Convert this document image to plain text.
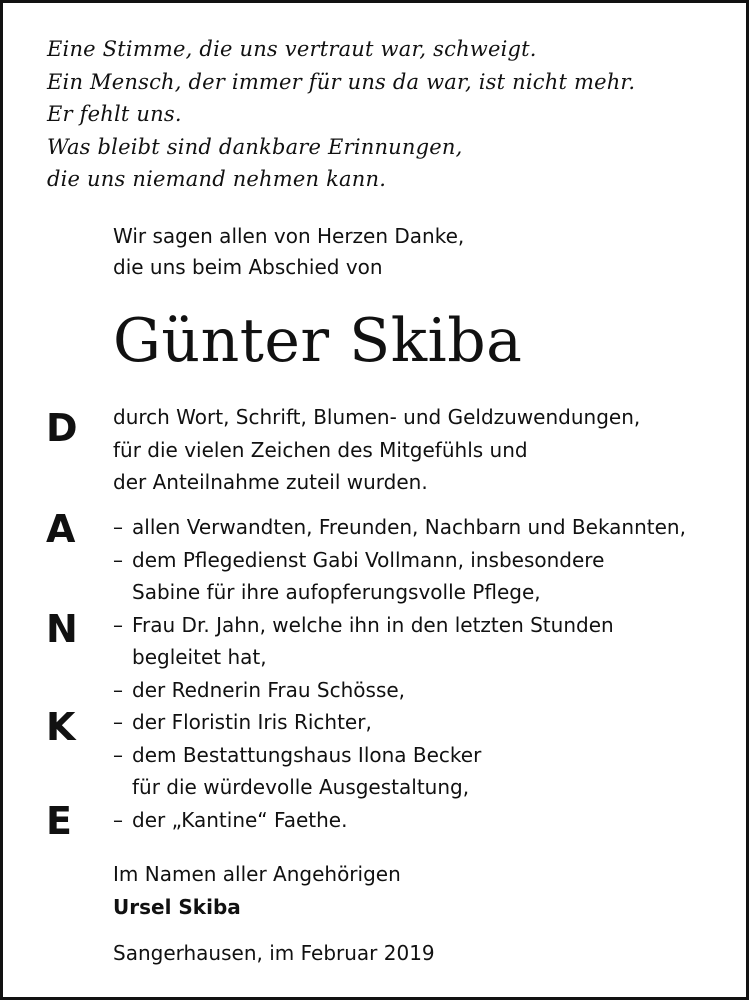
Eine Stimme, die uns vertraut war, schweigt.
Ein Mensch, der immer für uns da war, ist nicht mehr.
Er fehlt uns.
Was bleibt sind dankbare Erinnungen,
die uns niemand nehmen kann.
Wir sagen allen von Herzen Danke,
die uns beim Abschied von
Günter Skiba
D
A
N
K
E
durch Wort, Schrift, Blumen- und Geldzuwendungen,
für die vielen Zeichen des Mitgefühls und
der Anteilnahme zuteil wurden.
– allen Verwandten, Freunden, Nachbarn und Bekannten,
– dem Pflegedienst Gabi Vollmann, insbesondere
Sabine für ihre aufopferungsvolle Pflege,
– Frau Dr. Jahn, welche ihn in den letzten Stunden
begleitet hat,
– der Rednerin Frau Schösse,
– der Floristin Iris Richter,
– dem Bestattungshaus Ilona Becker
für die würdevolle Ausgestaltung,
– der „Kantine“ Faethe.
Im Namen aller Angehörigen
Ursel Skiba
Sangerhausen, im Februar 2019
